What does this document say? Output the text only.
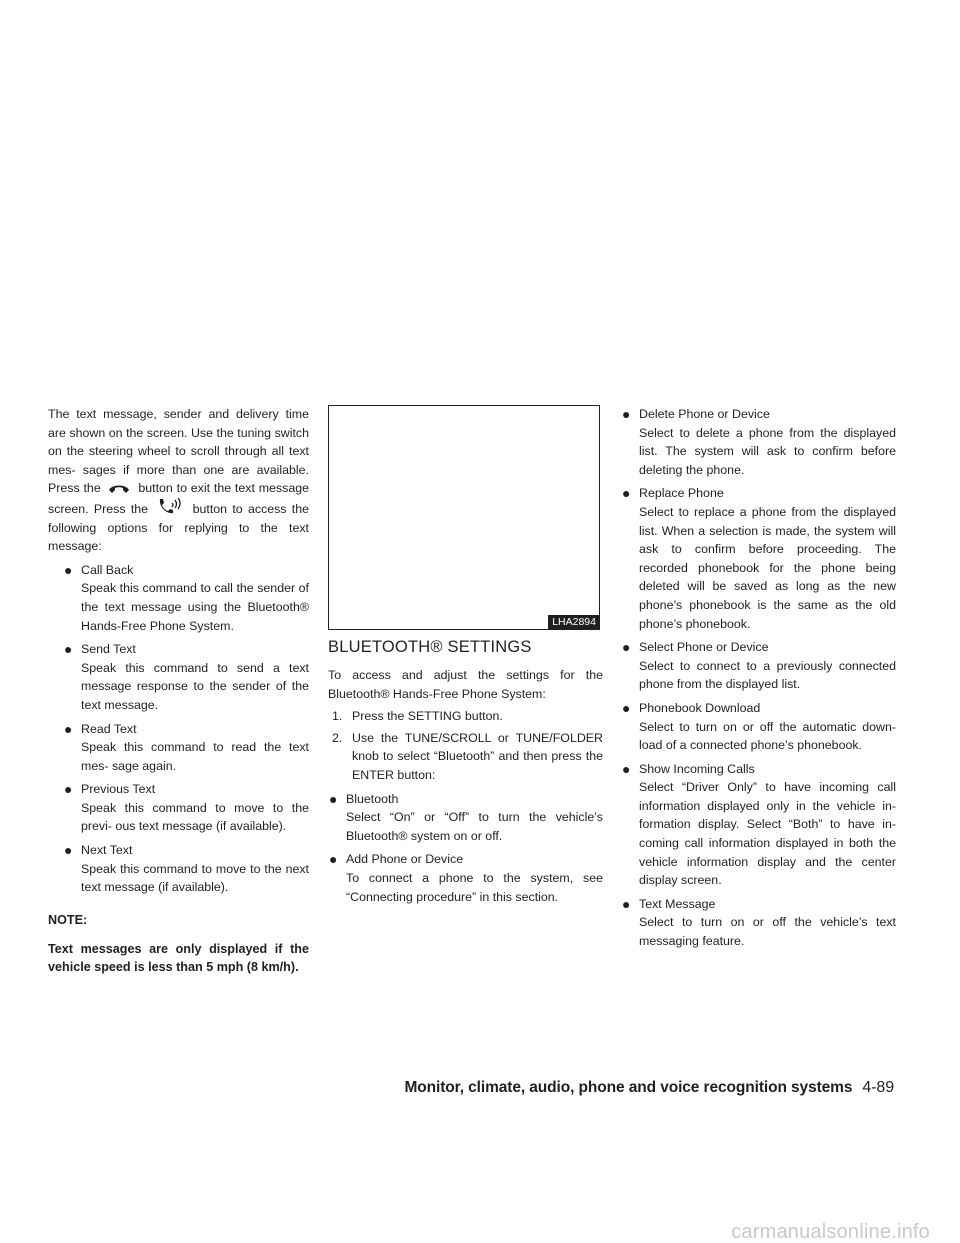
The text message, sender and delivery time are shown on the screen. Use the tuning switch on the steering wheel to scroll through all text mes- sages if more than one are available. Press the	button to exit the text message screen. Press the	button to access the following options for replying to the text message:

● Call Back
Speak this command to call the sender of the text message using the Bluetooth® Hands-Free Phone System.
● Send Text
Speak this command to send a text message response to the sender of the text message.
● Read Text
Speak this command to read the text mes- sage again.
● Previous Text
Speak this command to move to the previ- ous text message (if available).
● Next Text
Speak this command to move to the next text message (if available).

NOTE:

Text messages are only displayed if the vehicle speed is less than 5 mph (8 km/h).

LHA2894

BLUETOOTH® SETTINGS

To access and adjust the settings for the Bluetooth® Hands-Free Phone System:

1. Press the SETTING button.
2. Use the TUNE/SCROLL or TUNE/FOLDER knob to select “Bluetooth” and then press the ENTER button:
● Bluetooth
Select “On” or “Off” to turn the vehicle’s Bluetooth® system on or off.
● Add Phone or Device
To connect a phone to the system, see “Connecting procedure” in this section.
● Delete Phone or Device
Select to delete a phone from the displayed list. The system will ask to confirm before deleting the phone.
● Replace Phone
Select to replace a phone from the displayed list. When a selection is made, the system will ask to confirm before proceeding. The recorded phonebook for the phone being deleted will be saved as long as the new phone’s phonebook is the same as the old phone’s phonebook.
● Select Phone or Device
Select to connect to a previously connected phone from the displayed list.
● Phonebook Download
Select to turn on or off the automatic down- load of a connected phone’s phonebook.
● Show Incoming Calls
Select “Driver Only” to have incoming call information displayed only in the vehicle in- formation display. Select “Both” to have in- coming call information displayed in both the vehicle information display and the center display screen.
● Text Message
Select to turn on or off the vehicle’s text messaging feature.
Monitor, climate, audio, phone and voice recognition systems 4-89
carmanualsonline.info
